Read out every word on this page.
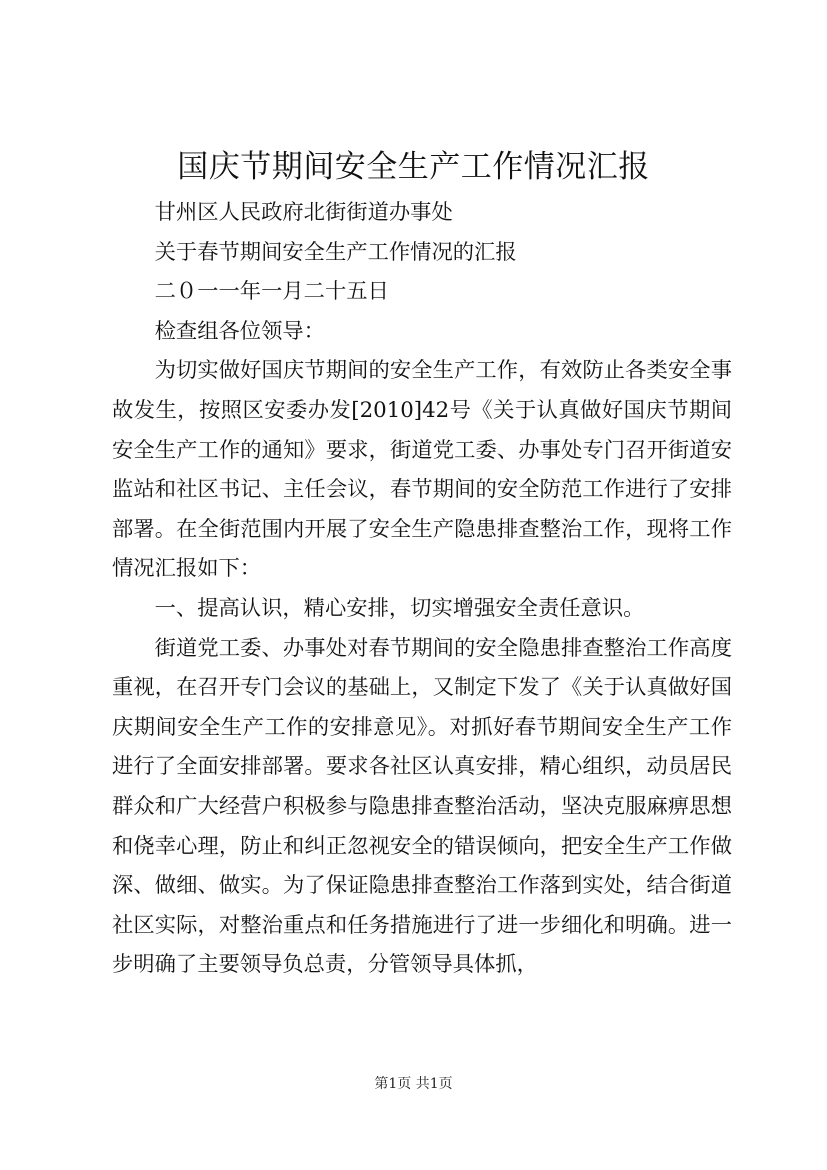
国庆节期间安全生产工作情况汇报

甘州区人民政府北街街道办事处

关于春节期间安全生产工作情况的汇报

二０一一年一月二十五日

检查组各位领导：

为切实做好国庆节期间的安全生产工作，有效防止各类安全事故发生，按照区安委办发[2010]42号《关于认真做好国庆节期间安全生产工作的通知》要求，街道党工委、办事处专门召开街道安监站和社区书记、主任会议，春节期间的安全防范工作进行了安排部署。在全街范围内开展了安全生产隐患排查整治工作，现将工作情况汇报如下：

一、提高认识，精心安排，切实增强安全责任意识。

街道党工委、办事处对春节期间的安全隐患排查整治工作高度重视，在召开专门会议的基础上，又制定下发了《关于认真做好国庆期间安全生产工作的安排意见》。对抓好春节期间安全生产工作进行了全面安排部署。要求各社区认真安排，精心组织，动员居民群众和广大经营户积极参与隐患排查整治活动，坚决克服麻痹思想和侥幸心理，防止和纠正忽视安全的错误倾向，把安全生产工作做深、做细、做实。为了保证隐患排查整治工作落到实处，结合街道社区实际，对整治重点和任务措施进行了进一步细化和明确。进一步明确了主要领导负总责，分管领导具体抓，

第1页 共1页
